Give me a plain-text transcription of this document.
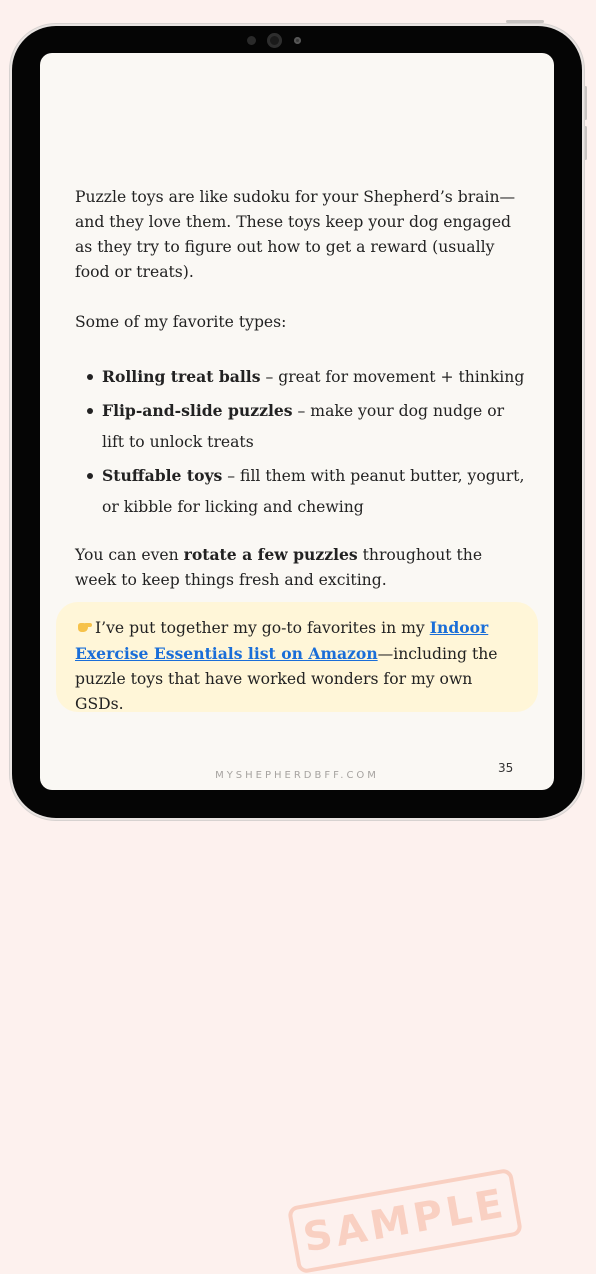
Puzzle toys are like sudoku for your Shepherd’s brain—and they love them. These toys keep your dog engaged as they try to figure out how to get a reward (usually food or treats).
Some of my favorite types:
Rolling treat balls – great for movement + thinking
Flip-and-slide puzzles – make your dog nudge or lift to unlock treats
Stuffable toys – fill them with peanut butter, yogurt, or kibble for licking and chewing
You can even rotate a few puzzles throughout the week to keep things fresh and exciting.
SAMPLE
I’ve put together my go-to favorites in my Indoor Exercise Essentials list on Amazon—including the puzzle toys that have worked wonders for my own GSDs.
MYSHEPHERDBFF.COM
35
